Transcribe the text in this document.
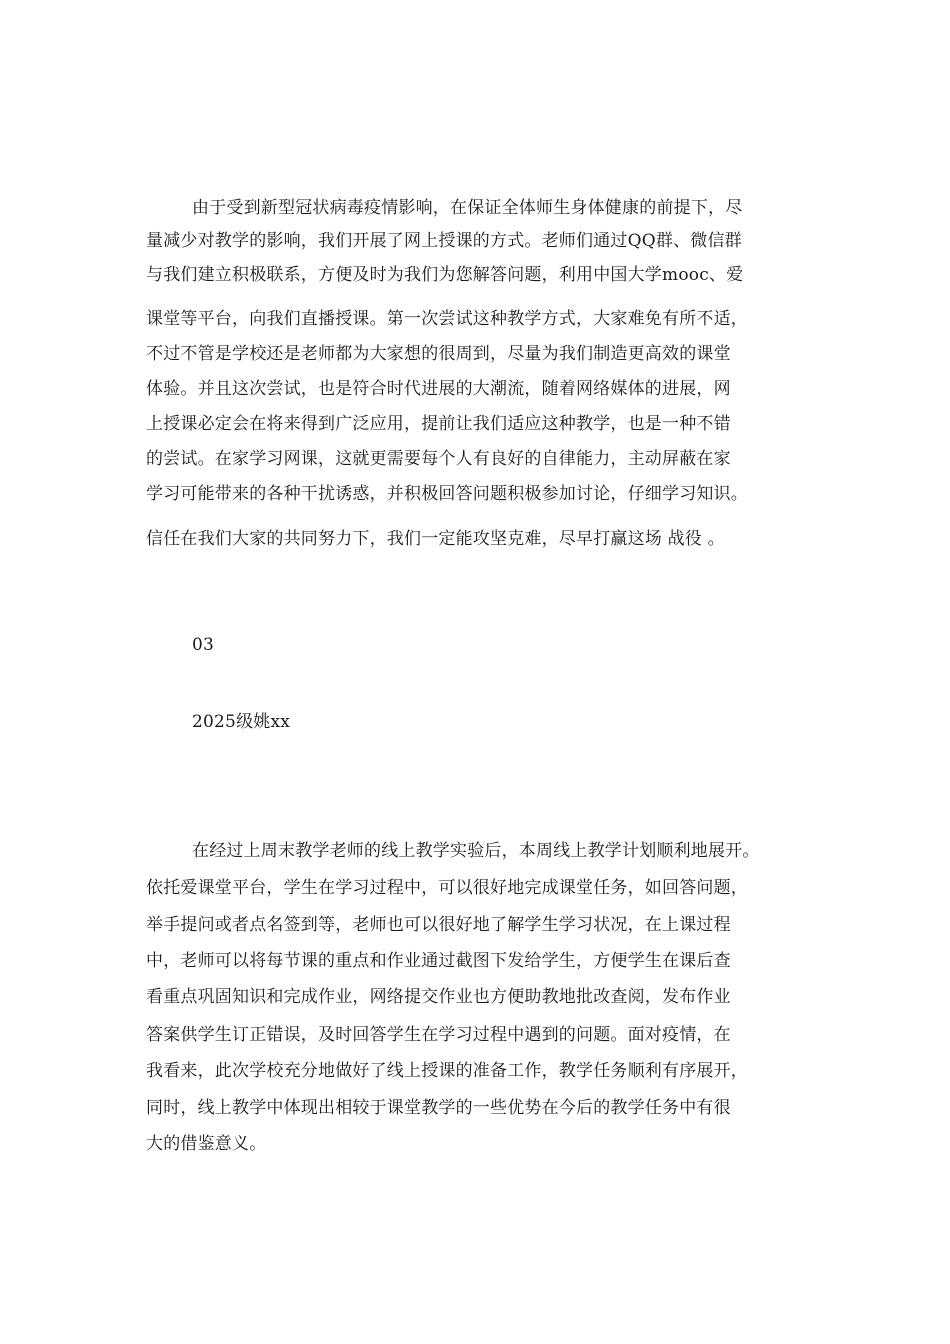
由于受到新型冠状病毒疫情影响，在保证全体师生身体健康的前提下，尽
量减少对教学的影响，我们开展了网上授课的方式。老师们通过QQ群、微信群
与我们建立积极联系，方便及时为我们为您解答问题，利用中国大学mooc、爱
课堂等平台，向我们直播授课。第一次尝试这种教学方式，大家难免有所不适，
不过不管是学校还是老师都为大家想的很周到，尽量为我们制造更高效的课堂
体验。并且这次尝试，也是符合时代进展的大潮流，随着网络媒体的进展，网
上授课必定会在将来得到广泛应用，提前让我们适应这种教学，也是一种不错
的尝试。在家学习网课，这就更需要每个人有良好的自律能力，主动屏蔽在家
学习可能带来的各种干扰诱惑，并积极回答问题积极参加讨论，仔细学习知识。
信任在我们大家的共同努力下，我们一定能攻坚克难，尽早打赢这场 战役 。
03
2025级姚xx
在经过上周末教学老师的线上教学实验后，本周线上教学计划顺利地展开。
依托爱课堂平台，学生在学习过程中，可以很好地完成课堂任务，如回答问题，
举手提问或者点名签到等，老师也可以很好地了解学生学习状况，在上课过程
中，老师可以将每节课的重点和作业通过截图下发给学生，方便学生在课后查
看重点巩固知识和完成作业，网络提交作业也方便助教地批改查阅，发布作业
答案供学生订正错误，及时回答学生在学习过程中遇到的问题。面对疫情，在
我看来，此次学校充分地做好了线上授课的准备工作，教学任务顺利有序展开，
同时，线上教学中体现出相较于课堂教学的一些优势在今后的教学任务中有很
大的借鉴意义。
